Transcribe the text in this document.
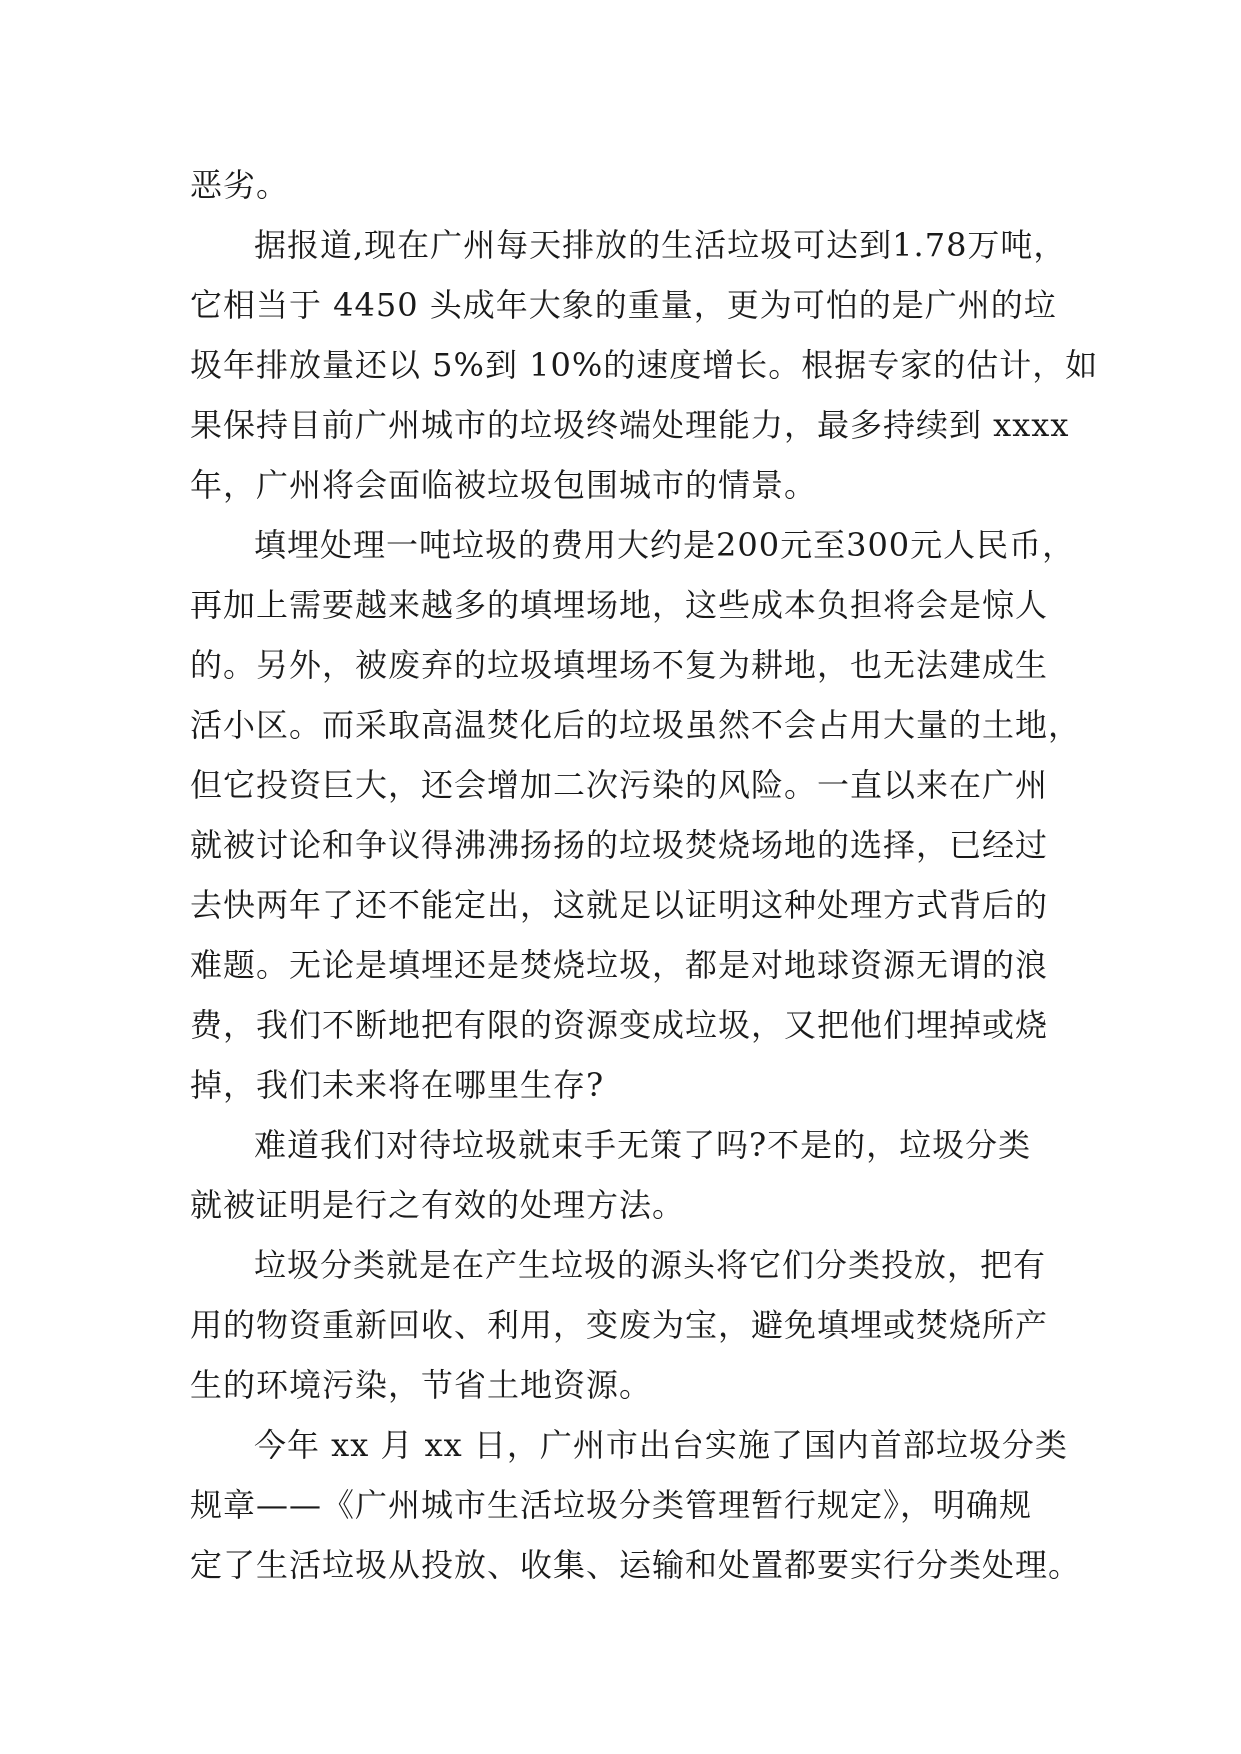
恶劣。
据报道,现在广州每天排放的生活垃圾可达到1.78万吨，
它相当于 4450 头成年大象的重量，更为可怕的是广州的垃
圾年排放量还以 5%到 10%的速度增长。根据专家的估计，如
果保持目前广州城市的垃圾终端处理能力，最多持续到 xxxx
年，广州将会面临被垃圾包围城市的情景。
填埋处理一吨垃圾的费用大约是200元至300元人民币，
再加上需要越来越多的填埋场地，这些成本负担将会是惊人
的。另外，被废弃的垃圾填埋场不复为耕地，也无法建成生
活小区。而采取高温焚化后的垃圾虽然不会占用大量的土地，
但它投资巨大，还会增加二次污染的风险。一直以来在广州
就被讨论和争议得沸沸扬扬的垃圾焚烧场地的选择，已经过
去快两年了还不能定出，这就足以证明这种处理方式背后的
难题。无论是填埋还是焚烧垃圾，都是对地球资源无谓的浪
费，我们不断地把有限的资源变成垃圾，又把他们埋掉或烧
掉，我们未来将在哪里生存?
难道我们对待垃圾就束手无策了吗?不是的，垃圾分类
就被证明是行之有效的处理方法。
垃圾分类就是在产生垃圾的源头将它们分类投放，把有
用的物资重新回收、利用，变废为宝，避免填埋或焚烧所产
生的环境污染，节省土地资源。
今年 xx 月 xx 日，广州市出台实施了国内首部垃圾分类
规章——《广州城市生活垃圾分类管理暂行规定》，明确规
定了生活垃圾从投放、收集、运输和处置都要实行分类处理。
